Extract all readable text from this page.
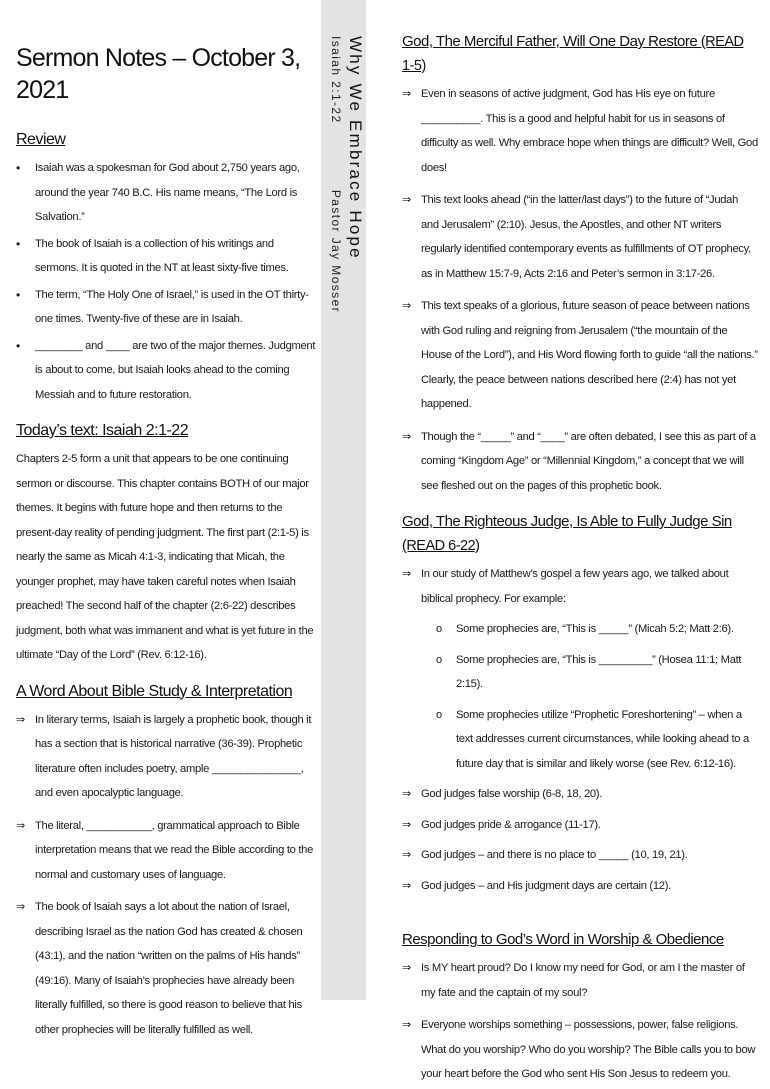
Sermon Notes – October 3, 2021
Review
• Isaiah was a spokesman for God about 2,750 years ago, around the year 740 B.C. His name means, “The Lord is Salvation.”
• The book of Isaiah is a collection of his writings and sermons. It is quoted in the NT at least sixty-five times.
• The term, “The Holy One of Israel,” is used in the OT thirty-one times. Twenty-five of these are in Isaiah.
• ________ and ____ are two of the major themes. Judgment is about to come, but Isaiah looks ahead to the coming Messiah and to future restoration.
Today’s text: Isaiah 2:1-22
Chapters 2-5 form a unit that appears to be one continuing sermon or discourse. This chapter contains BOTH of our major themes. It begins with future hope and then returns to the present-day reality of pending judgment. The first part (2:1-5) is nearly the same as Micah 4:1-3, indicating that Micah, the younger prophet, may have taken careful notes when Isaiah preached! The second half of the chapter (2:6-22) describes judgment, both what was immanent and what is yet future in the ultimate “Day of the Lord” (Rev. 6:12-16).
A Word About Bible Study & Interpretation
⇒ In literary terms, Isaiah is largely a prophetic book, though it has a section that is historical narrative (36-39). Prophetic literature often includes poetry, ample _______________, and even apocalyptic language.
⇒ The literal, ___________, grammatical approach to Bible interpretation means that we read the Bible according to the normal and customary uses of language.
⇒ The book of Isaiah says a lot about the nation of Israel, describing Israel as the nation God has created & chosen (43:1), and the nation “written on the palms of His hands” (49:16). Many of Isaiah’s prophecies have already been literally fulfilled, so there is good reason to believe that his other prophecies will be literally fulfilled as well.
Why We Embrace Hope
Isaiah 2:1-22              Pastor Jay Mosser
God, The Merciful Father, Will One Day Restore (READ 1-5)
⇒ Even in seasons of active judgment, God has His eye on future __________. This is a good and helpful habit for us in seasons of difficulty as well. Why embrace hope when things are difficult? Well, God does!
⇒ This text looks ahead (“in the latter/last days”) to the future of “Judah and Jerusalem” (2:10). Jesus, the Apostles, and other NT writers regularly identified contemporary events as fulfillments of OT prophecy, as in Matthew 15:7-9, Acts 2:16 and Peter’s sermon in 3:17-26.
⇒ This text speaks of a glorious, future season of peace between nations with God ruling and reigning from Jerusalem (“the mountain of the House of the Lord”), and His Word flowing forth to guide “all the nations.” Clearly, the peace between nations described here (2:4) has not yet happened.
⇒ Though the “_____” and “____” are often debated, I see this as part of a coming “Kingdom Age” or “Millennial Kingdom,” a concept that we will see fleshed out on the pages of this prophetic book.
God, The Righteous Judge, Is Able to Fully Judge Sin (READ 6-22)
⇒ In our study of Matthew’s gospel a few years ago, we talked about biblical prophecy. For example:
o Some prophecies are, “This is _____” (Micah 5:2; Matt 2:6).
o Some prophecies are, “This is _________” (Hosea 11:1; Matt 2:15).
o Some prophecies utilize “Prophetic Foreshortening” – when a text addresses current circumstances, while looking ahead to a future day that is similar and likely worse (see Rev. 6:12-16).
⇒ God judges false worship (6-8, 18, 20).
⇒ God judges pride & arrogance (11-17).
⇒ God judges – and there is no place to _____ (10, 19, 21).
⇒ God judges – and His judgment days are certain (12).
Responding to God’s Word in Worship & Obedience
⇒ Is MY heart proud? Do I know my need for God, or am I the master of my fate and the captain of my soul?
⇒ Everyone worships something – possessions, power, false religions. What do you worship? Who do you worship? The Bible calls you to bow your heart before the God who sent His Son Jesus to redeem you.
